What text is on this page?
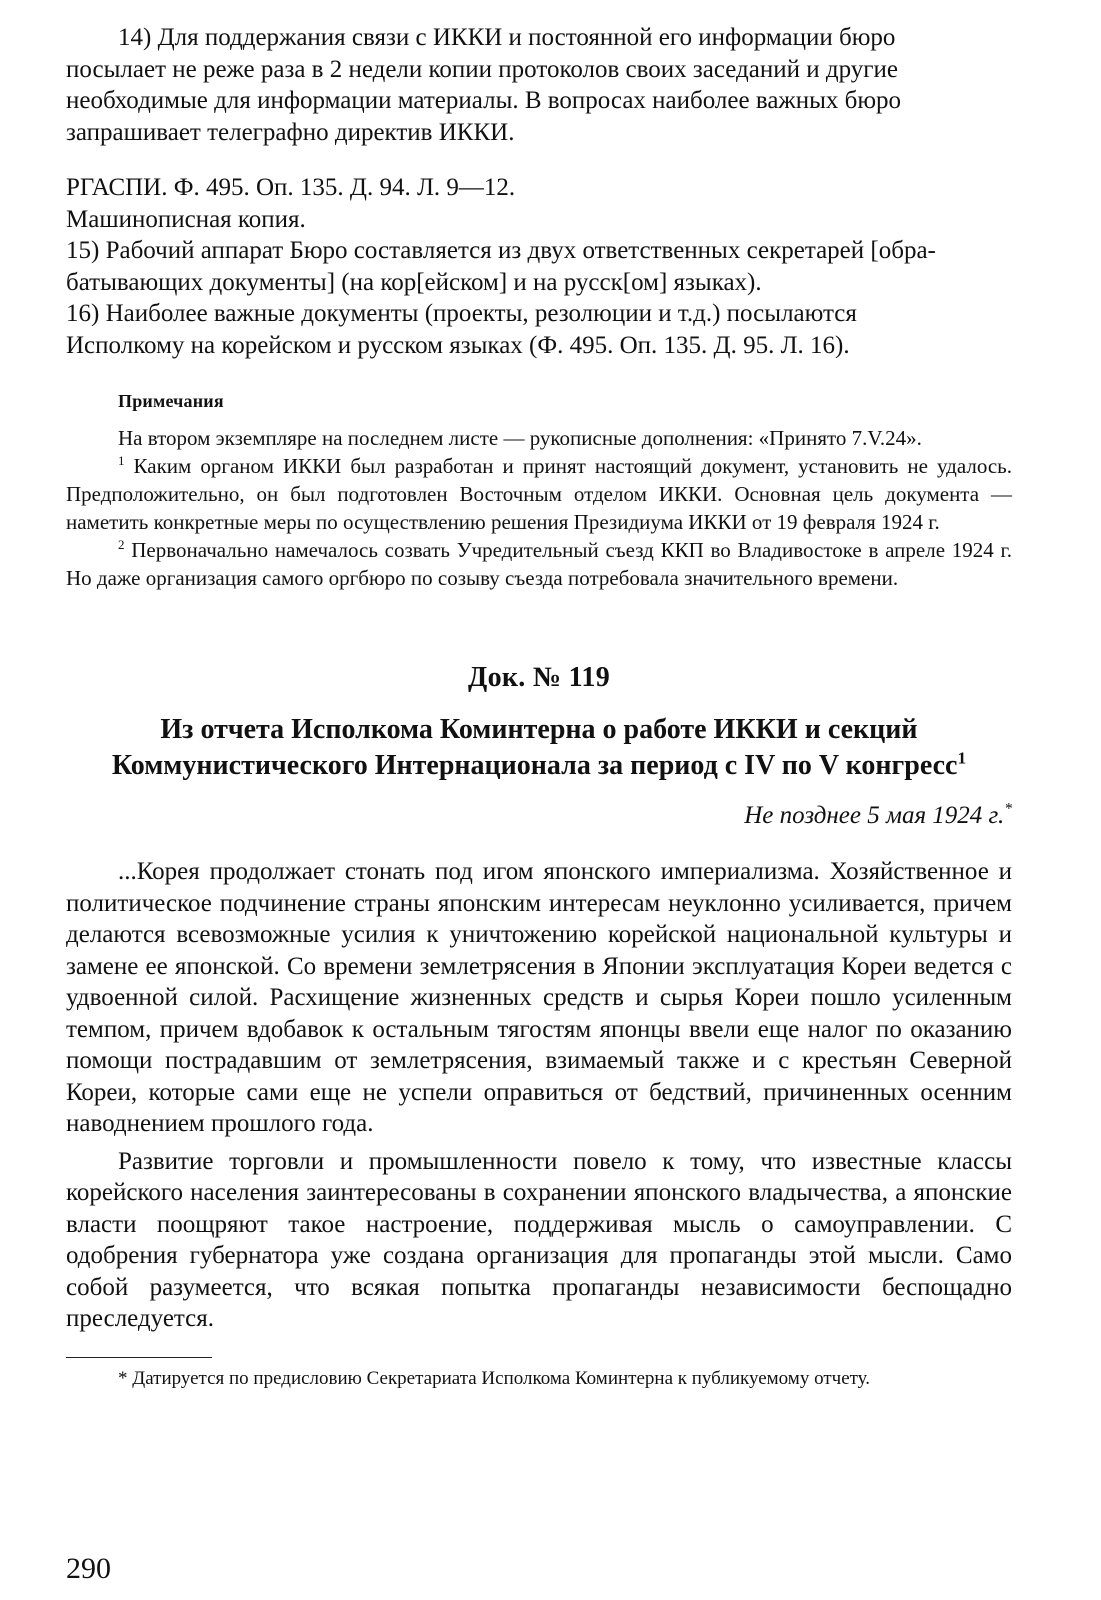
14) Для поддержания связи с ИККИ и постоянной его информации бюро
посылает не реже раза в 2 недели копии протоколов своих заседаний и другие
необходимые для информации материалы. В вопросах наиболее важных бюро
запрашивает телеграфно директив ИККИ.
РГАСПИ. Ф. 495. Оп. 135. Д. 94. Л. 9—12.
Машинописная копия.
15) Рабочий аппарат Бюро составляется из двух ответственных секретарей [обра-
батывающих документы] (на кор[ейском] и на русск[ом] языках).
16) Наиболее важные документы (проекты, резолюции и т.д.) посылаются
Исполкому на корейском и русском языках (Ф. 495. Оп. 135. Д. 95. Л. 16).
Примечания

На втором экземпляре на последнем листе — рукописные дополнения: «Принято 7.V.24».

$^1$ Каким органом ИККИ был разработан и принят настоящий документ, установить не удалось. Предположительно, он был подготовлен Восточным отделом ИККИ. Основная цель документа — наметить конкретные меры по осуществлению решения Президиума ИККИ от 19 февраля 1924 г.

$^2$ Первоначально намечалось созвать Учредительный съезд ККП во Владивостоке в апреле 1924 г. Но даже организация самого оргбюро по созыву съезда потребовала значительного времени.

Док. № 119
Из отчета Исполкома Коминтерна о работе ИККИ и секций
Коммунистического Интернационала за период с IV по V конгресс$^1$
Не позднее 5 мая 1924 г.*

...Корея продолжает стонать под игом японского империализма. Хозяйственное и политическое подчинение страны японским интересам неуклонно усиливается, причем делаются всевозможные усилия к уничтожению корейской национальной культуры и замене ее японской. Со времени землетрясения в Японии эксплуатация Кореи ведется с удвоенной силой. Расхищение жизненных средств и сырья Кореи пошло усиленным темпом, причем вдобавок к остальным тягостям японцы ввели еще налог по оказанию помощи пострадавшим от землетрясения, взимаемый также и с крестьян Северной Кореи, которые сами еще не успели оправиться от бедствий, причиненных осенним наводнением прошлого года.

Развитие торговли и промышленности повело к тому, что известные классы корейского населения заинтересованы в сохранении японского владычества, а японские власти поощряют такое настроение, поддерживая мысль о самоуправлении. С одобрения губернатора уже создана организация для пропаганды этой мысли. Само собой разумеется, что всякая попытка пропаганды независимости беспощадно преследуется.

* Датируется по предисловию Секретариата Исполкома Коминтерна к публикуемому отчету.
290
